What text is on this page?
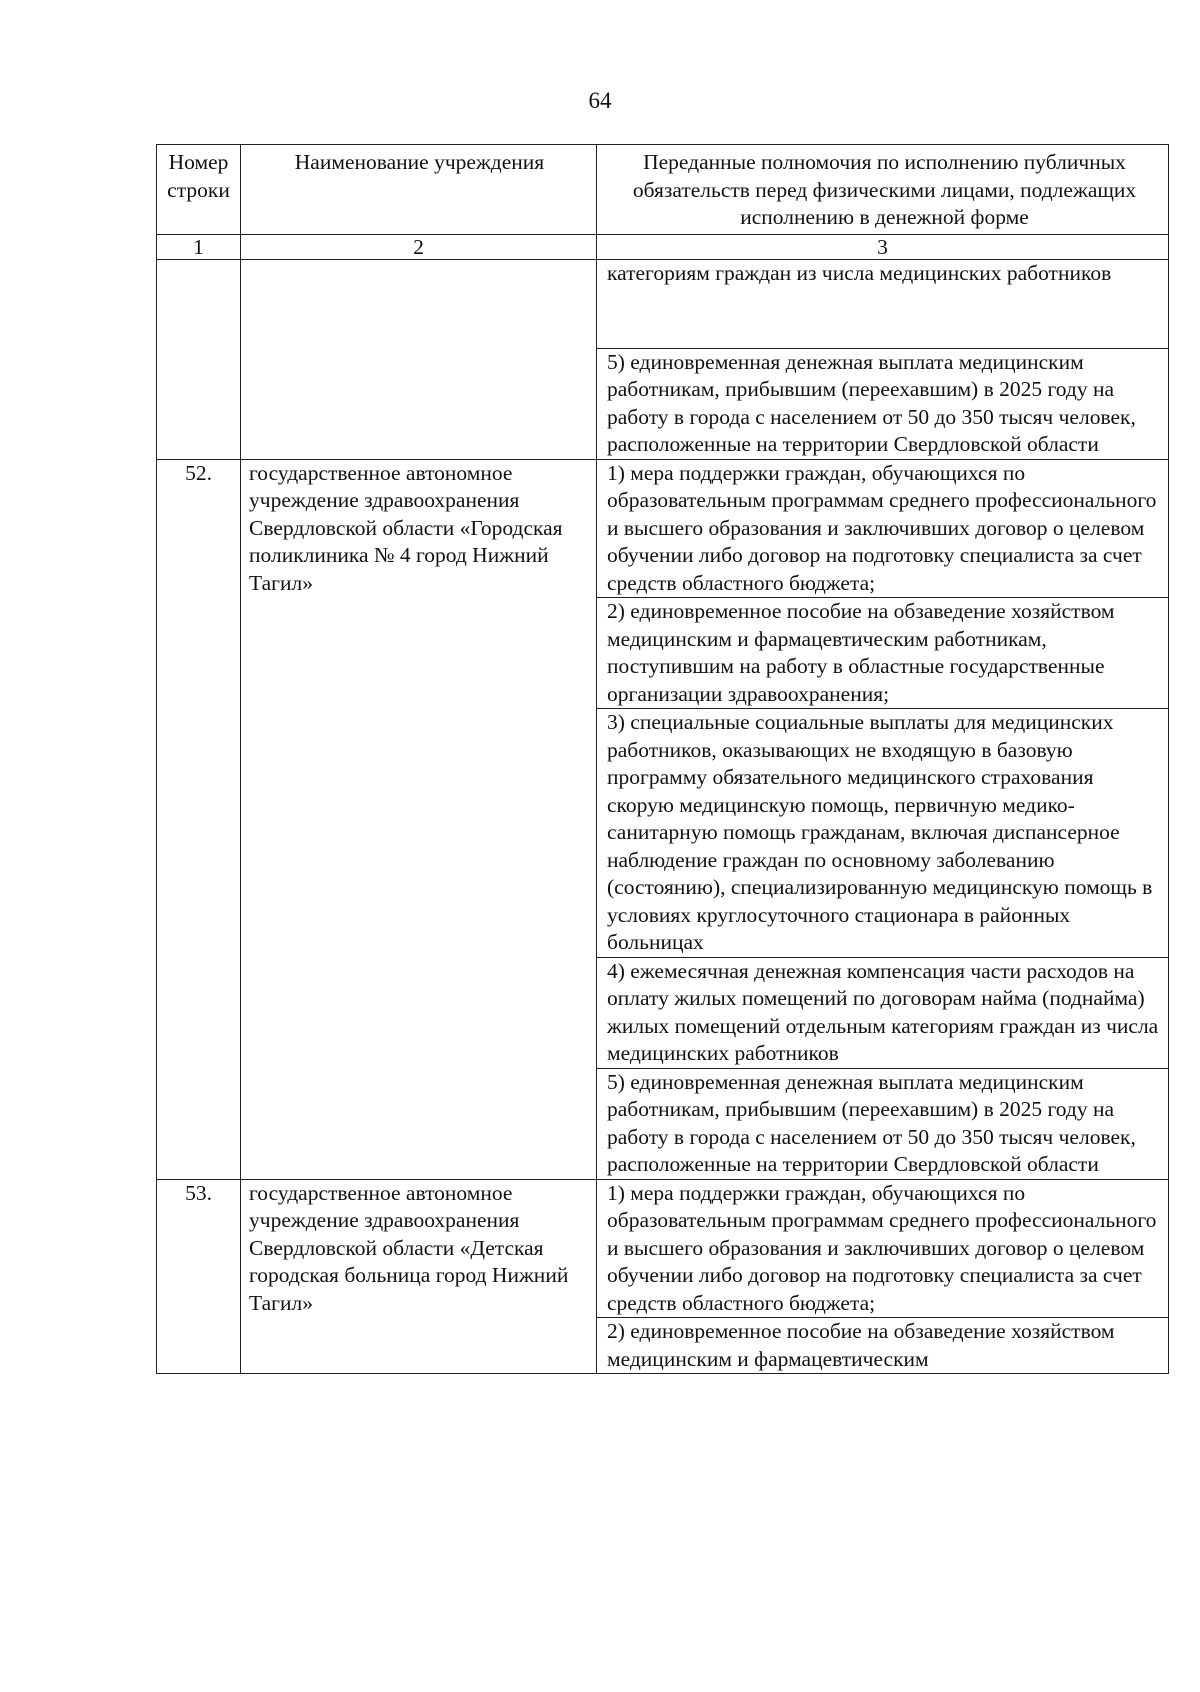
64
Номер строки	Наименование учреждения	Переданные полномочия по исполнению публичных обязательств перед физическими лицами, подлежащих исполнению в денежной форме
1	2	3
		категориям граждан из числа медицинских работников
		5) единовременная денежная выплата медицинским работникам, прибывшим (переехавшим) в 2025 году на работу в города с населением от 50 до 350 тысяч человек, расположенные на территории Свердловской области
52.	государственное автономное учреждение здравоохранения Свердловской области «Городская поликлиника № 4 город Нижний Тагил»	1) мера поддержки граждан, обучающихся по образовательным программам среднего профессионального и высшего образования и заключивших договор о целевом обучении либо договор на подготовку специалиста за счет средств областного бюджета;
		2) единовременное пособие на обзаведение хозяйством медицинским и фармацевтическим работникам, поступившим на работу в областные государственные организации здравоохранения;
		3) специальные социальные выплаты для медицинских работников, оказывающих не входящую в базовую программу обязательного медицинского страхования скорую медицинскую помощь, первичную медико-санитарную помощь гражданам, включая диспансерное наблюдение граждан по основному заболеванию (состоянию), специализированную медицинскую помощь в условиях круглосуточного стационара в районных больницах
		4) ежемесячная денежная компенсация части расходов на оплату жилых помещений по договорам найма (поднайма) жилых помещений отдельным категориям граждан из числа медицинских работников
		5) единовременная денежная выплата медицинским работникам, прибывшим (переехавшим) в 2025 году на работу в города с населением от 50 до 350 тысяч человек, расположенные на территории Свердловской области
53.	государственное автономное учреждение здравоохранения Свердловской области «Детская городская больница город Нижний Тагил»	1) мера поддержки граждан, обучающихся по образовательным программам среднего профессионального и высшего образования и заключивших договор о целевом обучении либо договор на подготовку специалиста за счет средств областного бюджета;
		2) единовременное пособие на обзаведение хозяйством медицинским и фармацевтическим
